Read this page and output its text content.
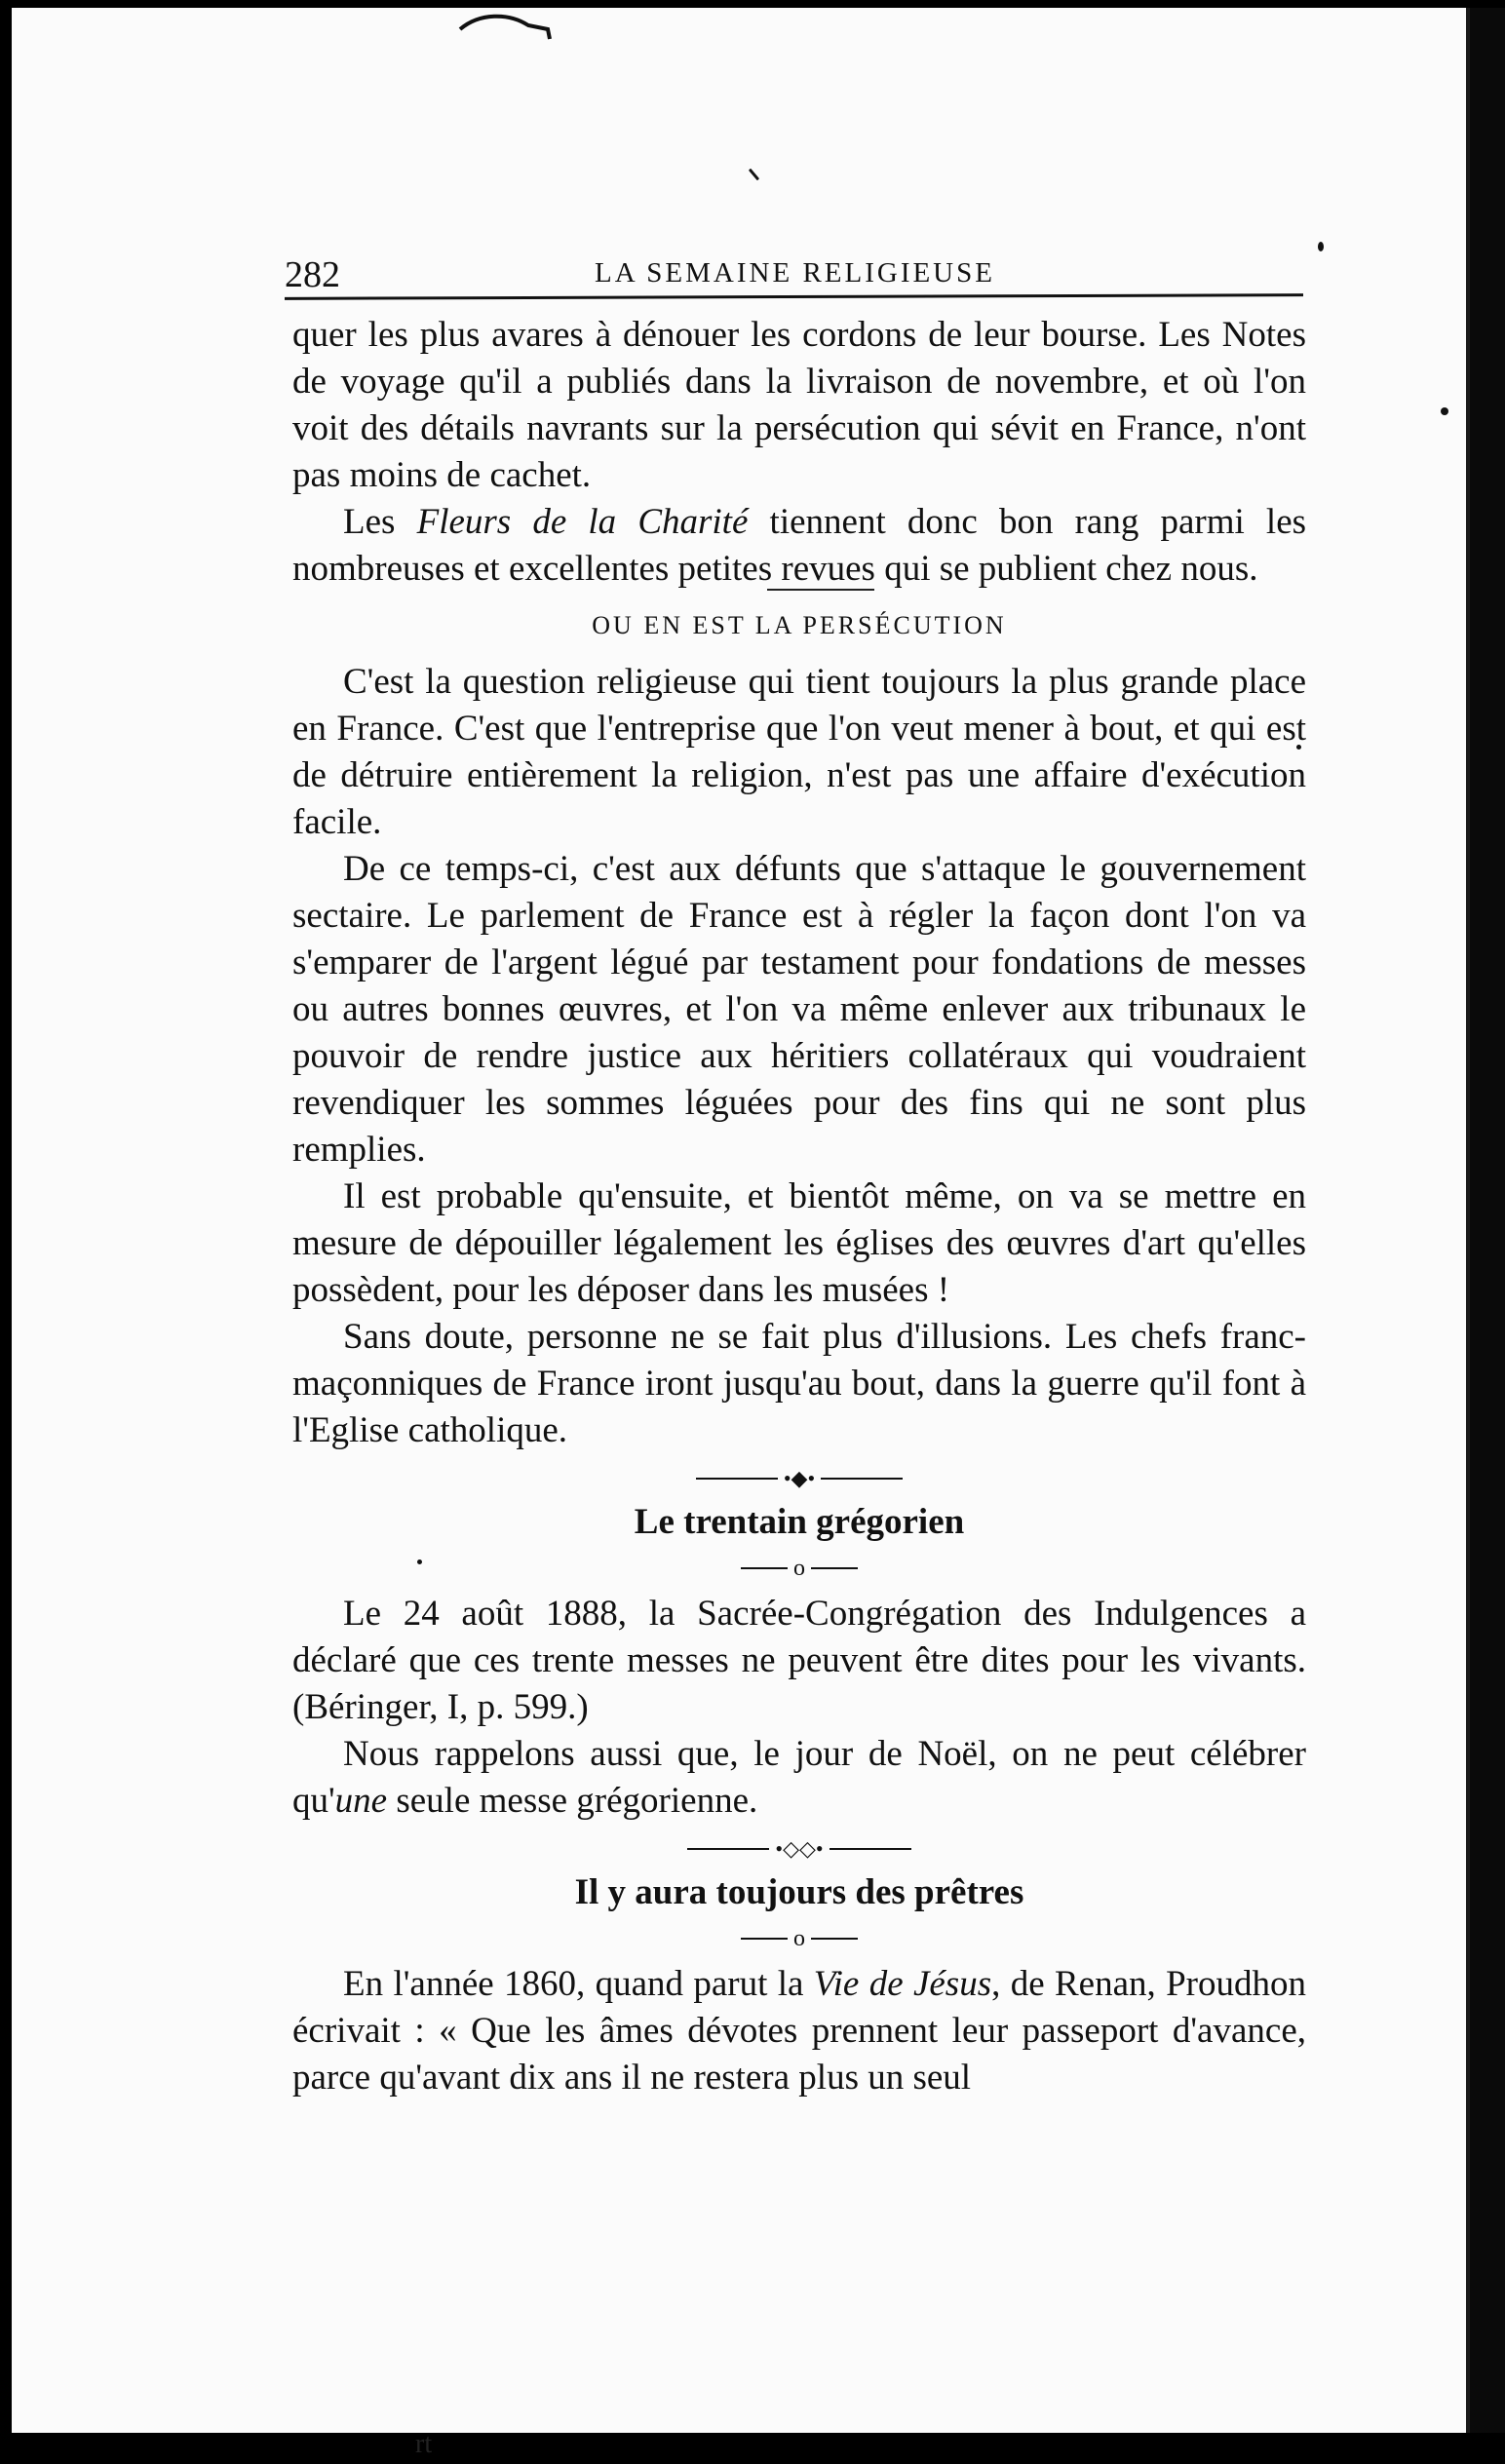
282	LA SEMAINE RELIGIEUSE

quer les plus avares à dénouer les cordons de leur bourse. Les Notes de voyage qu'il a publiés dans la livraison de novembre, et où l'on voit des détails navrants sur la persécution qui sévit en France, n'ont pas moins de cachet.

Les Fleurs de la Charité tiennent donc bon rang parmi les nombreuses et excellentes petites revues qui se publient chez nous.

OU EN EST LA PERSÉCUTION

C'est la question religieuse qui tient toujours la plus grande place en France. C'est que l'entreprise que l'on veut mener à bout, et qui est de détruire entièrement la religion, n'est pas une affaire d'exécution facile.

De ce temps-ci, c'est aux défunts que s'attaque le gouvernement sectaire. Le parlement de France est à régler la façon dont l'on va s'emparer de l'argent légué par testament pour fondations de messes ou autres bonnes œuvres, et l'on va même enlever aux tribunaux le pouvoir de rendre justice aux héritiers collatéraux qui voudraient revendiquer les sommes léguées pour des fins qui ne sont plus remplies.

Il est probable qu'ensuite, et bientôt même, on va se mettre en mesure de dépouiller légalement les églises des œuvres d'art qu'elles possèdent, pour les déposer dans les musées !

Sans doute, personne ne se fait plus d'illusions. Les chefs franc-maçonniques de France iront jusqu'au bout, dans la guerre qu'il font à l'Eglise catholique.

•◆•
Le trentain grégorien
o

Le 24 août 1888, la Sacrée-Congrégation des Indulgences a déclaré que ces trente messes ne peuvent être dites pour les vivants. (Béringer, I, p. 599.)

Nous rappelons aussi que, le jour de Noël, on ne peut célébrer qu'une seule messe grégorienne.

•◇◇•
Il y aura toujours des prêtres
o

En l'année 1860, quand parut la Vie de Jésus, de Renan, Proudhon écrivait : « Que les âmes dévotes prennent leur passeport d'avance, parce qu'avant dix ans il ne restera plus un seul

rt
